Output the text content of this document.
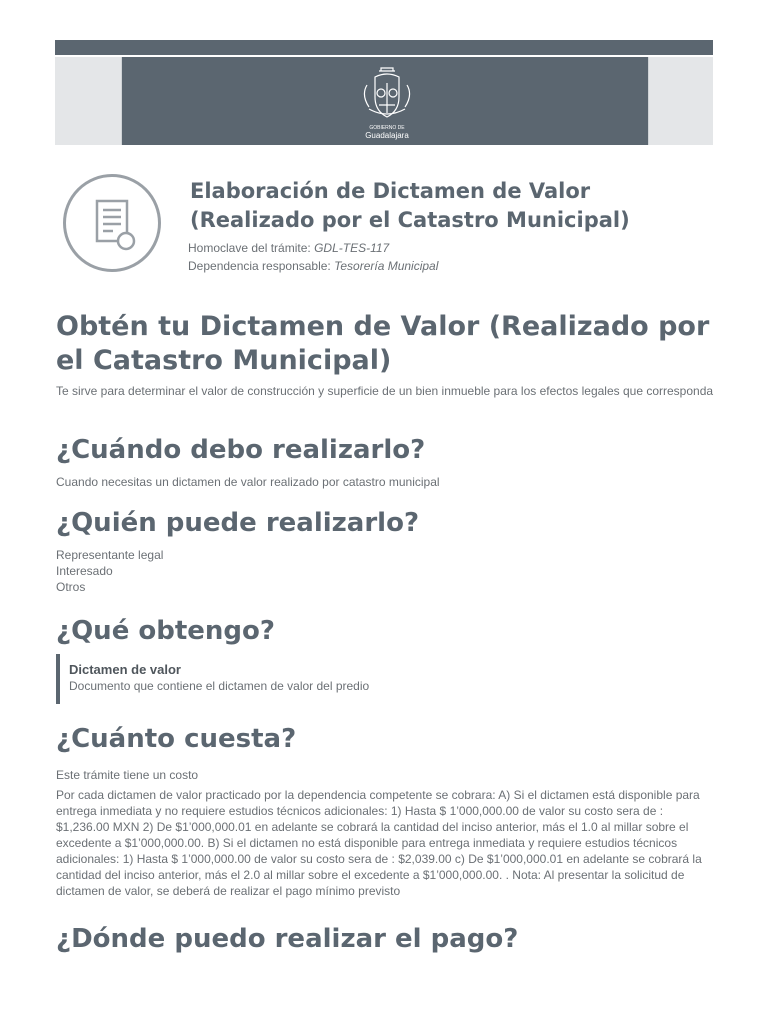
GOBIERNO DE
Guadalajara
Elaboración de Dictamen de Valor
(Realizado por el Catastro Municipal)
Homoclave del trámite: GDL-TES-117
Dependencia responsable: Tesorería Municipal
Obtén tu Dictamen de Valor (Realizado por el Catastro Municipal)
Te sirve para determinar el valor de construcción y superficie de un bien inmueble para los efectos legales que corresponda
¿Cuándo debo realizarlo?
Cuando necesitas un dictamen de valor realizado por catastro municipal
¿Quién puede realizarlo?
Representante legal
Interesado
Otros
¿Qué obtengo?
Dictamen de valor
Documento que contiene el dictamen de valor del predio
¿Cuánto cuesta?
Este trámite tiene un costo
Por cada dictamen de valor practicado por la dependencia competente se cobrara: A) Si el dictamen está disponible para entrega inmediata y no requiere estudios técnicos adicionales: 1) Hasta $ 1’000,000.00 de valor su costo sera de : $1,236.00 MXN 2) De $1’000,000.01 en adelante se cobrará la cantidad del inciso anterior, más el 1.0 al millar sobre el excedente a $1’000,000.00. B) Si el dictamen no está disponible para entrega inmediata y requiere estudios técnicos adicionales: 1) Hasta $ 1’000,000.00 de valor su costo sera de : $2,039.00 c) De $1’000,000.01 en adelante se cobrará la cantidad del inciso anterior, más el 2.0 al millar sobre el excedente a $1’000,000.00. . Nota: Al presentar la solicitud de dictamen de valor, se deberá de realizar el pago mínimo previsto
¿Dónde puedo realizar el pago?
